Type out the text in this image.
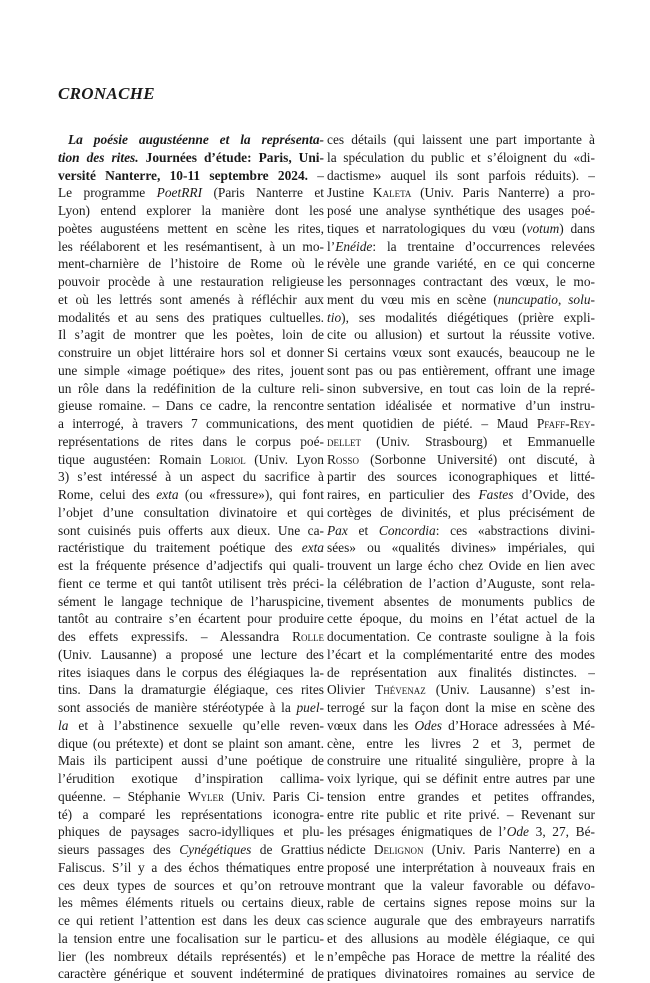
CRONACHE
La poésie augustéenne et la représenta-
tion des rites. Journées d’étude: Paris, Uni-
versité Nanterre, 10-11 septembre 2024. –
Le programme PoetRRI (Paris Nanterre et
Lyon) entend explorer la manière dont les
poètes augustéens mettent en scène les rites,
les réélaborent et les resémantisent, à un mo-
ment-charnière de l’histoire de Rome où le
pouvoir procède à une restauration religieuse
et où les lettrés sont amenés à réfléchir aux
modalités et au sens des pratiques cultuelles.
Il s’agit de montrer que les poètes, loin de
construire un objet littéraire hors sol et donner
une simple «image poétique» des rites, jouent
un rôle dans la redéfinition de la culture reli-
gieuse romaine. – Dans ce cadre, la rencontre
a interrogé, à travers 7 communications, des
représentations de rites dans le corpus poé-
tique augustéen: Romain Loriol (Univ. Lyon
3) s’est intéressé à un aspect du sacrifice à
Rome, celui des exta (ou «fressure»), qui font
l’objet d’une consultation divinatoire et qui
sont cuisinés puis offerts aux dieux. Une ca-
ractéristique du traitement poétique des exta
est la fréquente présence d’adjectifs qui quali-
fient ce terme et qui tantôt utilisent très préci-
sément le langage technique de l’haruspicine,
tantôt au contraire s’en écartent pour produire
des effets expressifs. – Alessandra Rolle
(Univ. Lausanne) a proposé une lecture des
rites isiaques dans le corpus des élégiaques la-
tins. Dans la dramaturgie élégiaque, ces rites
sont associés de manière stéréotypée à la puel-
la et à l’abstinence sexuelle qu’elle reven-
dique (ou prétexte) et dont se plaint son amant.
Mais ils participent aussi d’une poétique de
l’érudition exotique d’inspiration callima-
quéenne. – Stéphanie Wyler (Univ. Paris Ci-
té) a comparé les représentations iconogra-
phiques de paysages sacro-idylliques et plu-
sieurs passages des Cynégétiques de Grattius
Faliscus. S’il y a des échos thématiques entre
ces deux types de sources et qu’on retrouve
les mêmes éléments rituels ou certains dieux,
ce qui retient l’attention est dans les deux cas
la tension entre une focalisation sur le particu-
lier (les nombreux détails représentés) et le
caractère générique et souvent indéterminé de
ces détails (qui laissent une part importante à
la spéculation du public et s’éloignent du «di-
dactisme» auquel ils sont parfois réduits). –
Justine Kaleta (Univ. Paris Nanterre) a pro-
posé une analyse synthétique des usages poé-
tiques et narratologiques du vœu (votum) dans
l’Enéide: la trentaine d’occurrences relevées
révèle une grande variété, en ce qui concerne
les personnages contractant des vœux, le mo-
ment du vœu mis en scène (nuncupatio, solu-
tio), ses modalités diégétiques (prière expli-
cite ou allusion) et surtout la réussite votive.
Si certains vœux sont exaucés, beaucoup ne le
sont pas ou pas entièrement, offrant une image
sinon subversive, en tout cas loin de la repré-
sentation idéalisée et normative d’un instru-
ment quotidien de piété. – Maud Pfaff-Rey-
dellet (Univ. Strasbourg) et Emmanuelle
Rosso (Sorbonne Université) ont discuté, à
partir des sources iconographiques et litté-
raires, en particulier des Fastes d’Ovide, des
cortèges de divinités, et plus précisément de
Pax et Concordia: ces «abstractions divini-
sées» ou «qualités divines» impériales, qui
trouvent un large écho chez Ovide en lien avec
la célébration de l’action d’Auguste, sont rela-
tivement absentes de monuments publics de
cette époque, du moins en l’état actuel de la
documentation. Ce contraste souligne à la fois
l’écart et la complémentarité entre des modes
de représentation aux finalités distinctes. –
Olivier Thévenaz (Univ. Lausanne) s’est in-
terrogé sur la façon dont la mise en scène des
vœux dans les Odes d’Horace adressées à Mé-
cène, entre les livres 2 et 3, permet de
construire une ritualité singulière, propre à la
voix lyrique, qui se définit entre autres par une
tension entre grandes et petites offrandes,
entre rite public et rite privé. – Revenant sur
les présages énigmatiques de l’Ode 3, 27, Bé-
nédicte Delignon (Univ. Paris Nanterre) en a
proposé une interprétation à nouveaux frais en
montrant que la valeur favorable ou défavo-
rable de certains signes repose moins sur la
science augurale que des embrayeurs narratifs
et des allusions au modèle élégiaque, ce qui
n’empêche pas Horace de mettre la réalité des
pratiques divinatoires romaines au service de
